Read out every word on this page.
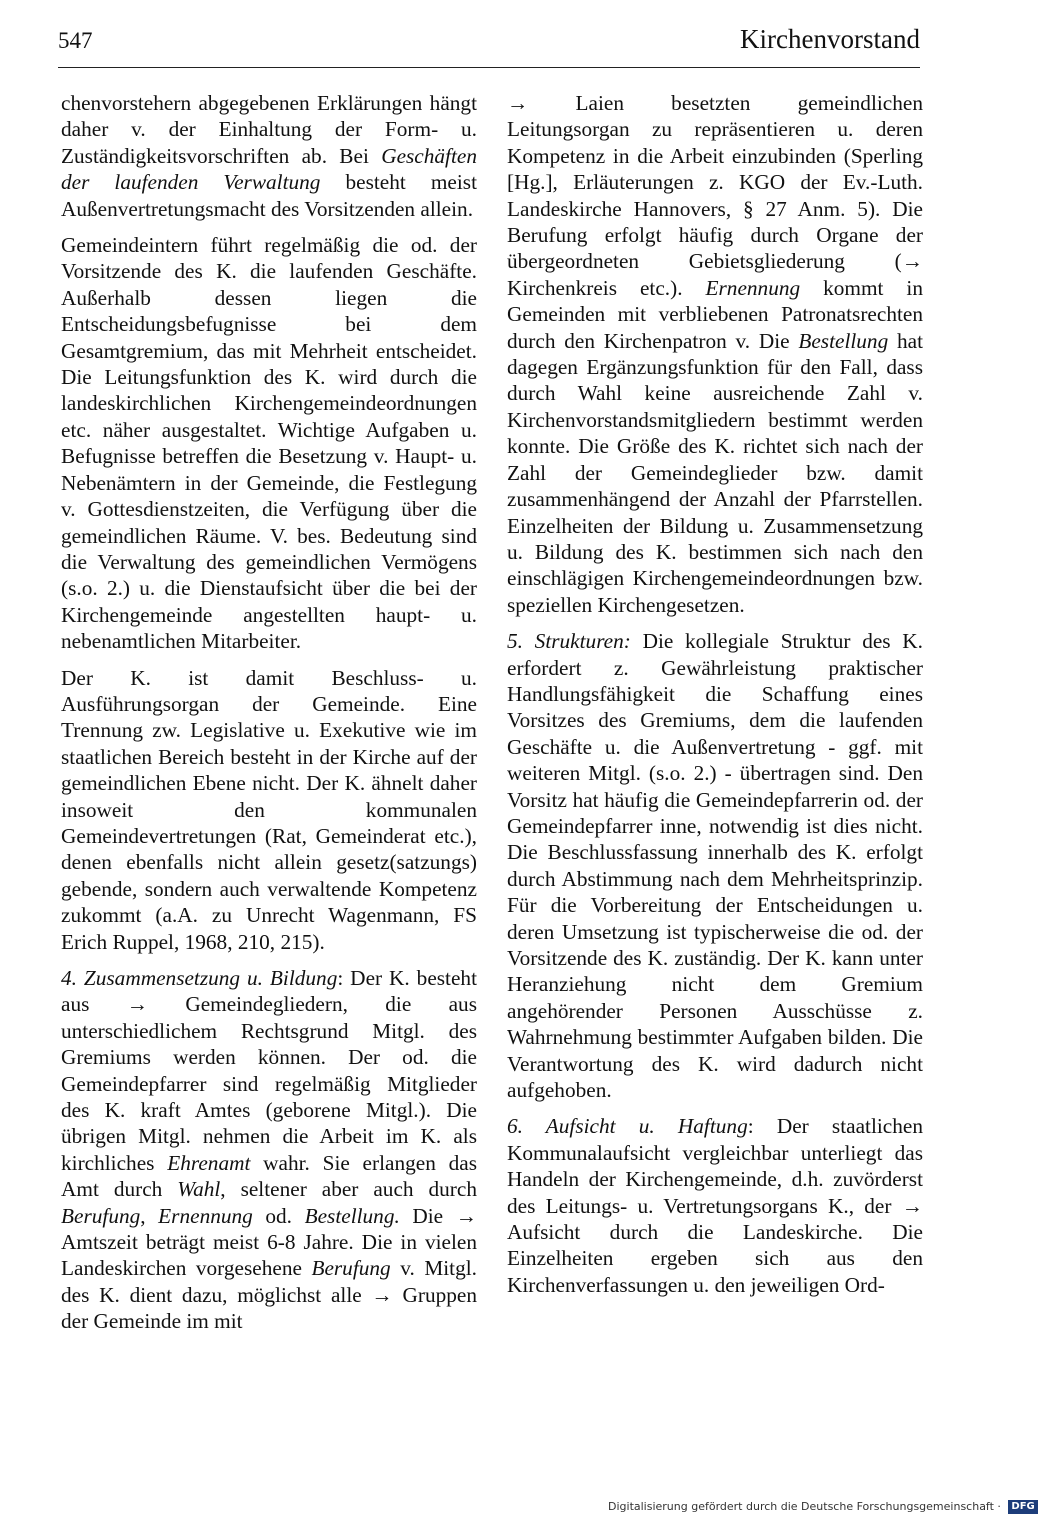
547	Kirchenvorstand

chenvorstehern abgegebenen Erklärungen hängt daher v. der Einhaltung der Form- u. Zuständigkeitsvorschriften ab. Bei Geschäften der laufenden Verwaltung besteht meist Außenvertretungsmacht des Vorsitzenden allein.

Gemeindeintern führt regelmäßig die od. der Vorsitzende des K. die laufenden Geschäfte. Außerhalb dessen liegen die Entscheidungsbefugnisse bei dem Gesamtgremium, das mit Mehrheit entscheidet. Die Leitungsfunktion des K. wird durch die landeskirchlichen Kirchengemeindeordnungen etc. näher ausgestaltet. Wichtige Aufgaben u. Befugnisse betreffen die Besetzung v. Haupt- u. Nebenämtern in der Gemeinde, die Festlegung v. Gottesdienstzeiten, die Verfügung über die gemeindlichen Räume. V. bes. Bedeutung sind die Verwaltung des gemeindlichen Vermögens (s.o. 2.) u. die Dienstaufsicht über die bei der Kirchengemeinde angestellten haupt- u. nebenamtlichen Mitarbeiter.

Der K. ist damit Beschluss- u. Ausführungsorgan der Gemeinde. Eine Trennung zw. Legislative u. Exekutive wie im staatlichen Bereich besteht in der Kirche auf der gemeindlichen Ebene nicht. Der K. ähnelt daher insoweit den kommunalen Gemeindevertretungen (Rat, Gemeinderat etc.), denen ebenfalls nicht allein gesetz(satzungs) gebende, sondern auch verwaltende Kompetenz zukommt (a.A. zu Unrecht Wagenmann, FS Erich Ruppel, 1968, 210, 215).

4. Zusammensetzung u. Bildung: Der K. besteht aus → Gemeindegliedern, die aus unterschiedlichem Rechtsgrund Mitgl. des Gremiums werden können. Der od. die Gemeindepfarrer sind regelmäßig Mitglieder des K. kraft Amtes (geborene Mitgl.). Die übrigen Mitgl. nehmen die Arbeit im K. als kirchliches Ehrenamt wahr. Sie erlangen das Amt durch Wahl, seltener aber auch durch Berufung, Ernennung od. Bestellung. Die → Amtszeit beträgt meist 6-8 Jahre. Die in vielen Landeskirchen vorgesehene Berufung v. Mitgl. des K. dient dazu, möglichst alle → Gruppen der Gemeinde im mit

→ Laien besetzten gemeindlichen Leitungsorgan zu repräsentieren u. deren Kompetenz in die Arbeit einzubinden (Sperling [Hg.], Erläuterungen z. KGO der Ev.-Luth. Landeskirche Hannovers, § 27 Anm. 5). Die Berufung erfolgt häufig durch Organe der übergeordneten Gebietsgliederung (→ Kirchenkreis etc.). Ernennung kommt in Gemeinden mit verbliebenen Patronatsrechten durch den Kirchenpatron v. Die Bestellung hat dagegen Ergänzungsfunktion für den Fall, dass durch Wahl keine ausreichende Zahl v. Kirchenvorstandsmitgliedern bestimmt werden konnte. Die Größe des K. richtet sich nach der Zahl der Gemeindeglieder bzw. damit zusammenhängend der Anzahl der Pfarrstellen. Einzelheiten der Bildung u. Zusammensetzung u. Bildung des K. bestimmen sich nach den einschlägigen Kirchengemeindeordnungen bzw. speziellen Kirchengesetzen.

5. Strukturen: Die kollegiale Struktur des K. erfordert z. Gewährleistung praktischer Handlungsfähigkeit die Schaffung eines Vorsitzes des Gremiums, dem die laufenden Geschäfte u. die Außenvertretung - ggf. mit weiteren Mitgl. (s.o. 2.) - übertragen sind. Den Vorsitz hat häufig die Gemeindepfarrerin od. der Gemeindepfarrer inne, notwendig ist dies nicht. Die Beschlussfassung innerhalb des K. erfolgt durch Abstimmung nach dem Mehrheitsprinzip. Für die Vorbereitung der Entscheidungen u. deren Umsetzung ist typischerweise die od. der Vorsitzende des K. zuständig. Der K. kann unter Heranziehung nicht dem Gremium angehörender Personen Ausschüsse z. Wahrnehmung bestimmter Aufgaben bilden. Die Verantwortung des K. wird dadurch nicht aufgehoben.

6. Aufsicht u. Haftung: Der staatlichen Kommunalaufsicht vergleichbar unterliegt das Handeln der Kirchengemeinde, d.h. zuvörderst des Leitungs- u. Vertretungsorgans K., der → Aufsicht durch die Landeskirche. Die Einzelheiten ergeben sich aus den Kirchenverfassungen u. den jeweiligen Ord-

Digitalisierung gefördert durch die Deutsche Forschungsgemeinschaft · DFG
